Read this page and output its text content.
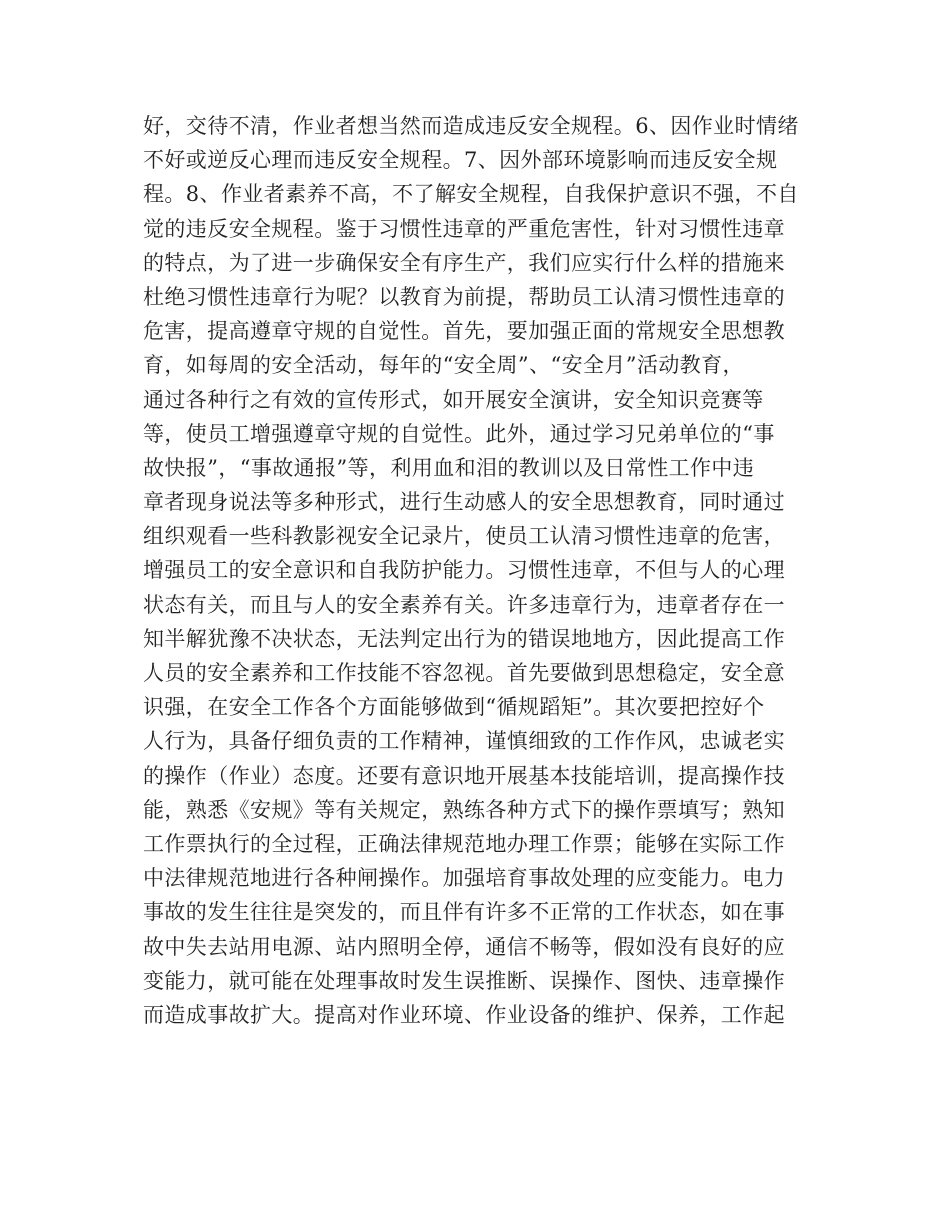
好，交待不清，作业者想当然而造成违反安全规程。6、因作业时情绪
不好或逆反心理而违反安全规程。7、因外部环境影响而违反安全规
程。8、作业者素养不高，不了解安全规程，自我保护意识不强，不自
觉的违反安全规程。鉴于习惯性违章的严重危害性，针对习惯性违章
的特点，为了进一步确保安全有序生产，我们应实行什么样的措施来
杜绝习惯性违章行为呢？以教育为前提，帮助员工认清习惯性违章的
危害，提高遵章守规的自觉性。首先，要加强正面的常规安全思想教
育，如每周的安全活动，每年的“安全周”、“安全月”活动教育，
通过各种行之有效的宣传形式，如开展安全演讲，安全知识竞赛等
等，使员工增强遵章守规的自觉性。此外，通过学习兄弟单位的“事
故快报”，“事故通报”等，利用血和泪的教训以及日常性工作中违
章者现身说法等多种形式，进行生动感人的安全思想教育，同时通过
组织观看一些科教影视安全记录片，使员工认清习惯性违章的危害，
增强员工的安全意识和自我防护能力。习惯性违章，不但与人的心理
状态有关，而且与人的安全素养有关。许多违章行为，违章者存在一
知半解犹豫不决状态，无法判定出行为的错误地地方，因此提高工作
人员的安全素养和工作技能不容忽视。首先要做到思想稳定，安全意
识强，在安全工作各个方面能够做到“循规蹈矩”。其次要把控好个
人行为，具备仔细负责的工作精神，谨慎细致的工作作风，忠诚老实
的操作（作业）态度。还要有意识地开展基本技能培训，提高操作技
能，熟悉《安规》等有关规定，熟练各种方式下的操作票填写；熟知
工作票执行的全过程，正确法律规范地办理工作票；能够在实际工作
中法律规范地进行各种闸操作。加强培育事故处理的应变能力。电力
事故的发生往往是突发的，而且伴有许多不正常的工作状态，如在事
故中失去站用电源、站内照明全停，通信不畅等，假如没有良好的应
变能力，就可能在处理事故时发生误推断、误操作、图快、违章操作
而造成事故扩大。提高对作业环境、作业设备的维护、保养，工作起
